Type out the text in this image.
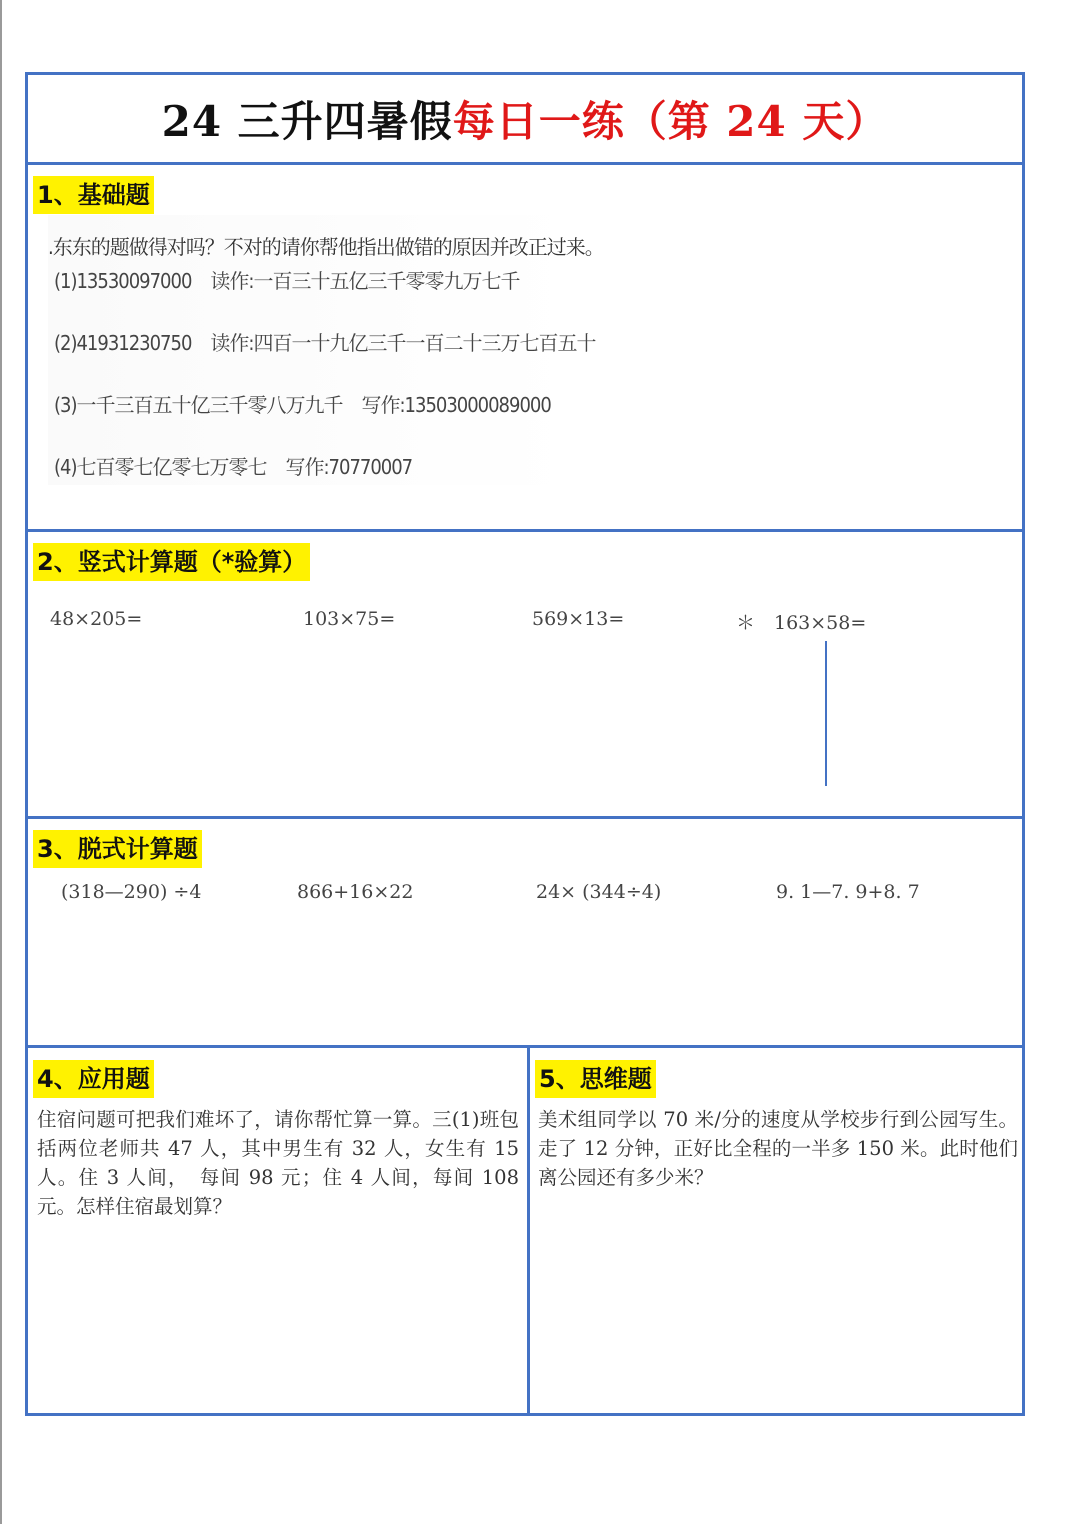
24 三升四暑假 每日一练（第 24 天）
1、基础题
.东东的题做得对吗？不对的请你帮他指出做错的原因并改正过来。
(1)13530097000　读作:一百三十五亿三千零零九万七千
(2)41931230750　读作:四百一十九亿三千一百二十三万七百五十
(3)一千三百五十亿三千零八万九千　写作:13503000089000
(4)七百零七亿零七万零七　写作:70770007
2、竖式计算题（*验算）
48×205=	103×75=	569×13=	＊　163×58=
3、脱式计算题
(318—290) ÷4	866+16×22	24× (344÷4)	9. 1—7. 9+8. 7
4、应用题
住宿问题可把我们难坏了，请你帮忙算一算。三(1)班包括两位老师共 47 人，其中男生有 32 人，女生有 15 人。住 3 人间，　每间 98 元；住 4 人间，每间 108 元。怎样住宿最划算？
5、思维题
美术组同学以 70 米/分的速度从学校步行到公园写生。走了 12 分钟，正好比全程的一半多 150 米。此时他们离公园还有多少米？
